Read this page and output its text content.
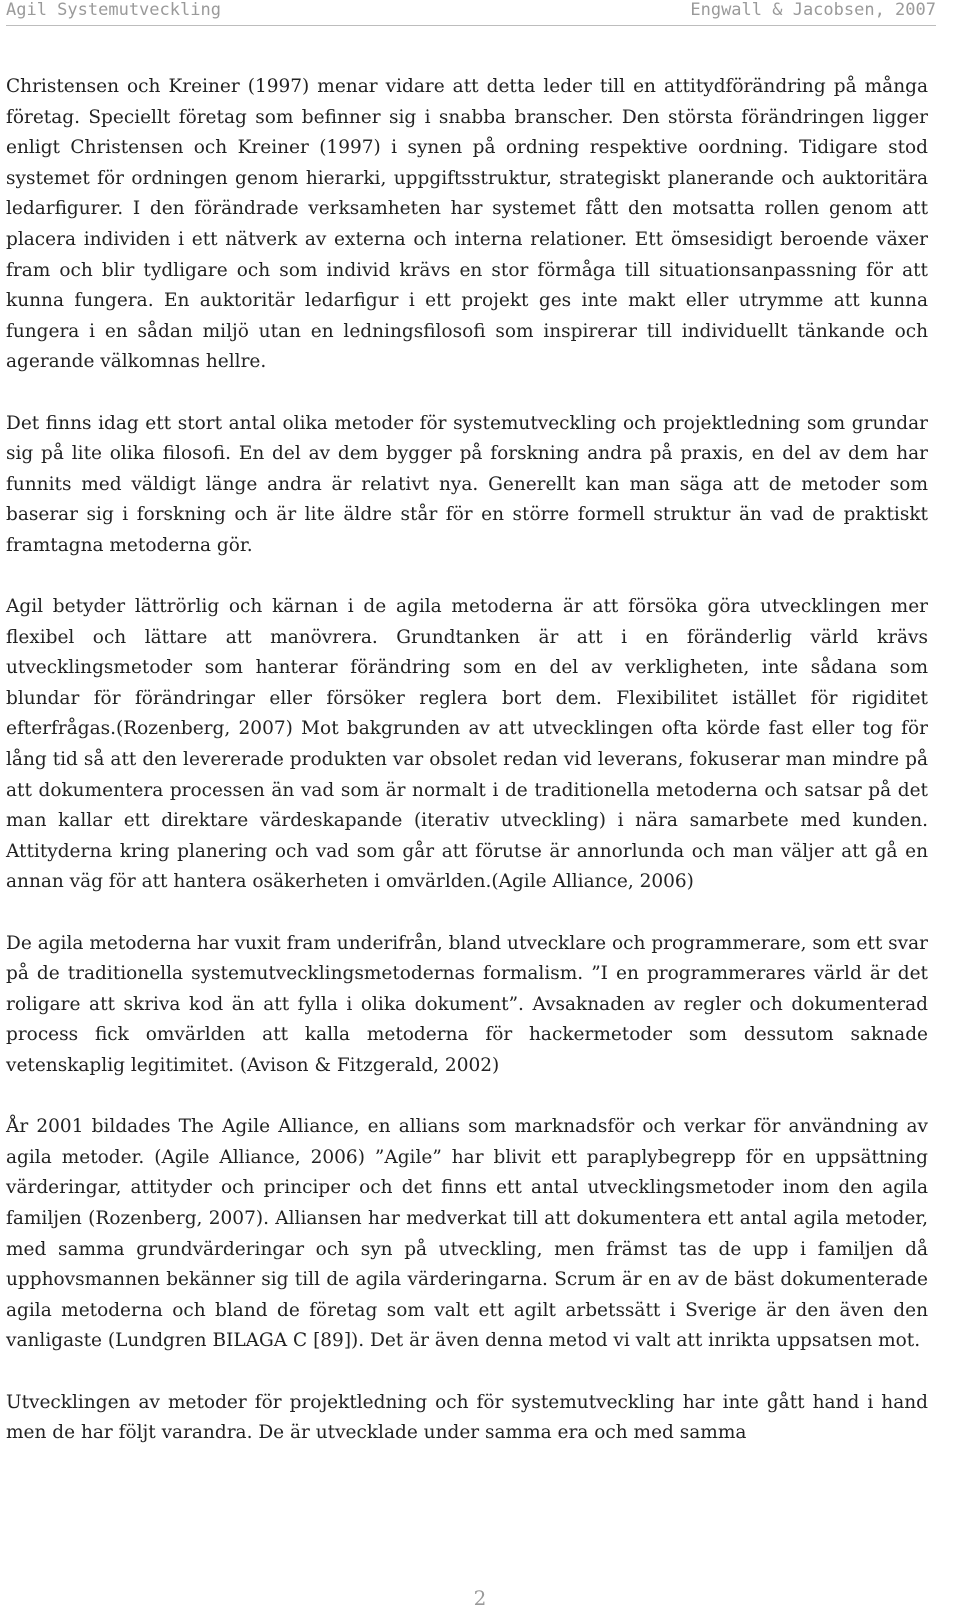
Agil Systemutveckling	Engwall & Jacobsen, 2007

Christensen och Kreiner (1997) menar vidare att detta leder till en attitydförändring på många företag. Speciellt företag som befinner sig i snabba branscher. Den största förändringen ligger enligt Christensen och Kreiner (1997) i synen på ordning respektive oordning. Tidigare stod systemet för ordningen genom hierarki, uppgiftsstruktur, strategiskt planerande och auktoritära ledarfigurer. I den förändrade verksamheten har systemet fått den motsatta rollen genom att placera individen i ett nätverk av externa och interna relationer. Ett ömsesidigt beroende växer fram och blir tydligare och som individ krävs en stor förmåga till situationsanpassning för att kunna fungera. En auktoritär ledarfigur i ett projekt ges inte makt eller utrymme att kunna fungera i en sådan miljö utan en ledningsfilosofi som inspirerar till individuellt tänkande och agerande välkomnas hellre.

Det finns idag ett stort antal olika metoder för systemutveckling och projektledning som grundar sig på lite olika filosofi. En del av dem bygger på forskning andra på praxis, en del av dem har funnits med väldigt länge andra är relativt nya. Generellt kan man säga att de metoder som baserar sig i forskning och är lite äldre står för en större formell struktur än vad de praktiskt framtagna metoderna gör.

Agil betyder lättrörlig och kärnan i de agila metoderna är att försöka göra utvecklingen mer flexibel och lättare att manövrera. Grundtanken är att i en föränderlig värld krävs utvecklingsmetoder som hanterar förändring som en del av verkligheten, inte sådana som blundar för förändringar eller försöker reglera bort dem. Flexibilitet istället för rigiditet efterfrågas.(Rozenberg, 2007) Mot bakgrunden av att utvecklingen ofta körde fast eller tog för lång tid så att den levererade produkten var obsolet redan vid leverans, fokuserar man mindre på att dokumentera processen än vad som är normalt i de traditionella metoderna och satsar på det man kallar ett direktare värdeskapande (iterativ utveckling) i nära samarbete med kunden. Attityderna kring planering och vad som går att förutse är annorlunda och man väljer att gå en annan väg för att hantera osäkerheten i omvärlden.(Agile Alliance, 2006)

De agila metoderna har vuxit fram underifrån, bland utvecklare och programmerare, som ett svar på de traditionella systemutvecklingsmetodernas formalism. ”I en programmerares värld är det roligare att skriva kod än att fylla i olika dokument”. Avsaknaden av regler och dokumenterad process fick omvärlden att kalla metoderna för hackermetoder som dessutom saknade vetenskaplig legitimitet. (Avison & Fitzgerald, 2002)

År 2001 bildades The Agile Alliance, en allians som marknadsför och verkar för användning av agila metoder. (Agile Alliance, 2006) ”Agile” har blivit ett paraplybegrepp för en uppsättning värderingar, attityder och principer och det finns ett antal utvecklingsmetoder inom den agila familjen (Rozenberg, 2007). Alliansen har medverkat till att dokumentera ett antal agila metoder, med samma grundvärderingar och syn på utveckling, men främst tas de upp i familjen då upphovsmannen bekänner sig till de agila värderingarna. Scrum är en av de bäst dokumenterade agila metoderna och bland de företag som valt ett agilt arbetssätt i Sverige är den även den vanligaste (Lundgren BILAGA C [89]). Det är även denna metod vi valt att inrikta uppsatsen mot.

Utvecklingen av metoder för projektledning och för systemutveckling har inte gått hand i hand men de har följt varandra. De är utvecklade under samma era och med samma

2
